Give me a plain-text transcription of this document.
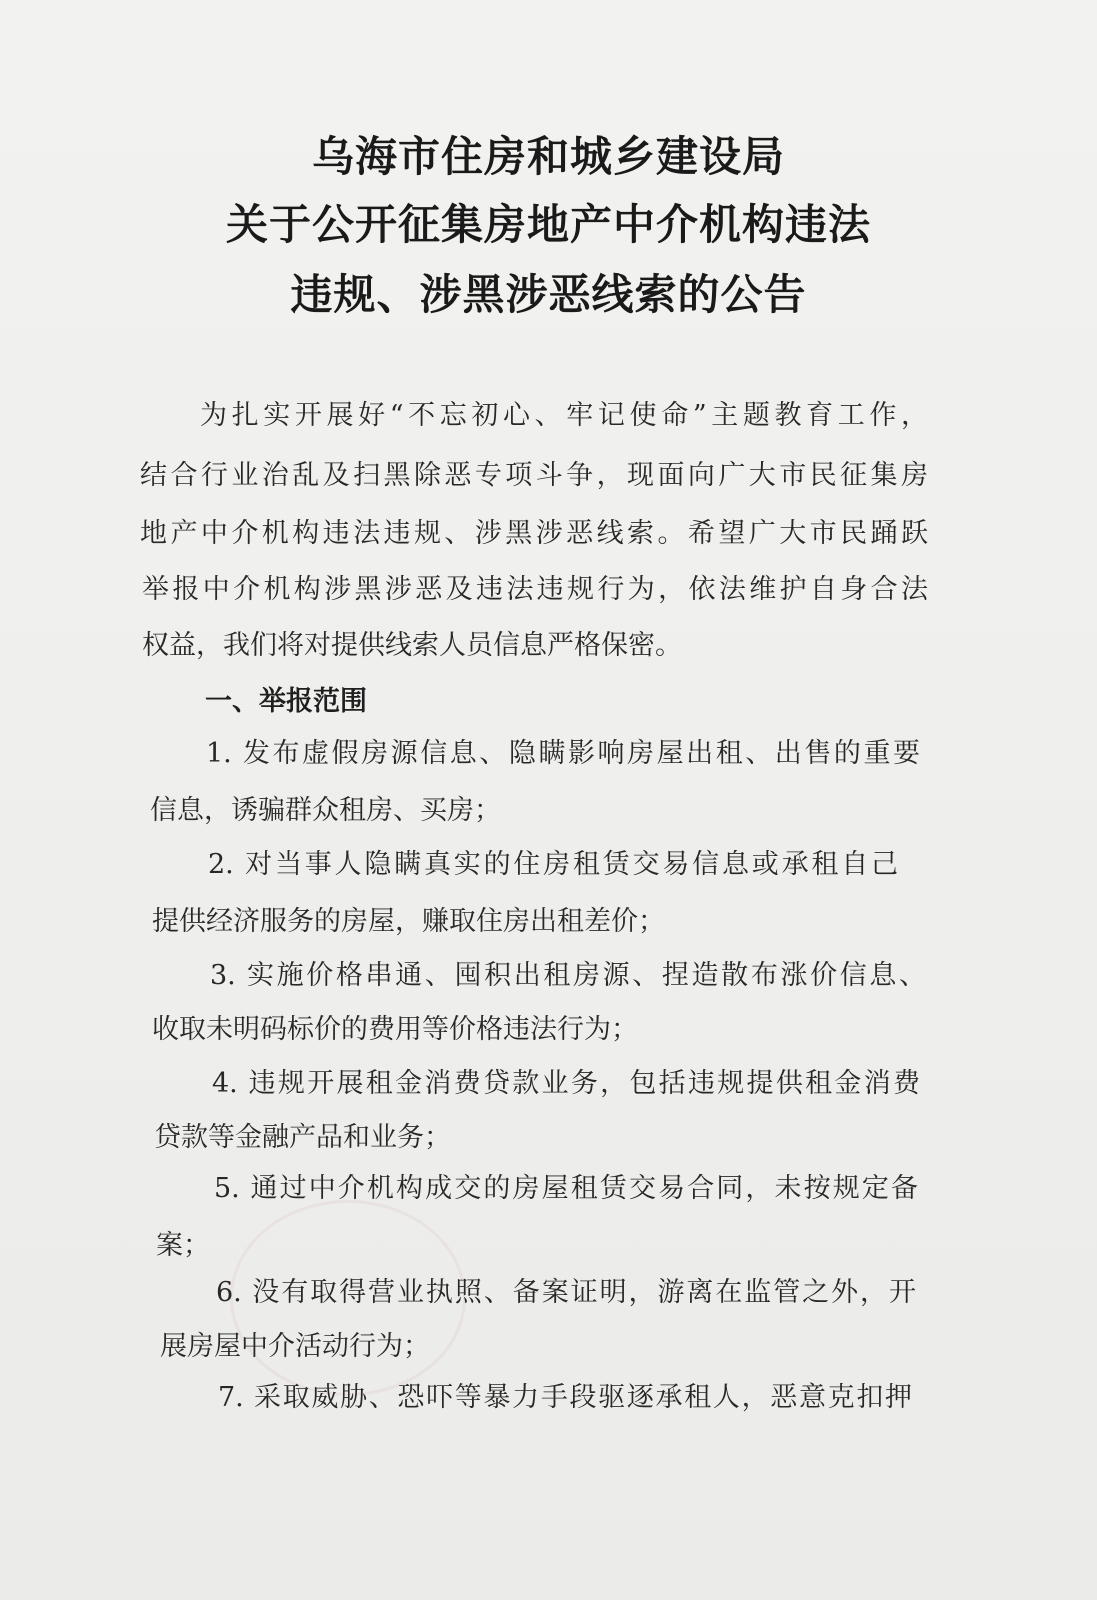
乌海市住房和城乡建设局
关于公开征集房地产中介机构违法
违规、涉黑涉恶线索的公告
为扎实开展好“不忘初心、牢记使命”主题教育工作，
结合行业治乱及扫黑除恶专项斗争，现面向广大市民征集房
地产中介机构违法违规、涉黑涉恶线索。希望广大市民踊跃
举报中介机构涉黑涉恶及违法违规行为，依法维护自身合法
权益，我们将对提供线索人员信息严格保密。
一、举报范围
1. 发布虚假房源信息、隐瞒影响房屋出租、出售的重要
信息，诱骗群众租房、买房；
2. 对当事人隐瞒真实的住房租赁交易信息或承租自己
提供经济服务的房屋，赚取住房出租差价；
3. 实施价格串通、囤积出租房源、捏造散布涨价信息、
收取未明码标价的费用等价格违法行为；
4. 违规开展租金消费贷款业务，包括违规提供租金消费
贷款等金融产品和业务；
5. 通过中介机构成交的房屋租赁交易合同，未按规定备
案；
6. 没有取得营业执照、备案证明，游离在监管之外，开
展房屋中介活动行为；
7. 采取威胁、恐吓等暴力手段驱逐承租人，恶意克扣押
